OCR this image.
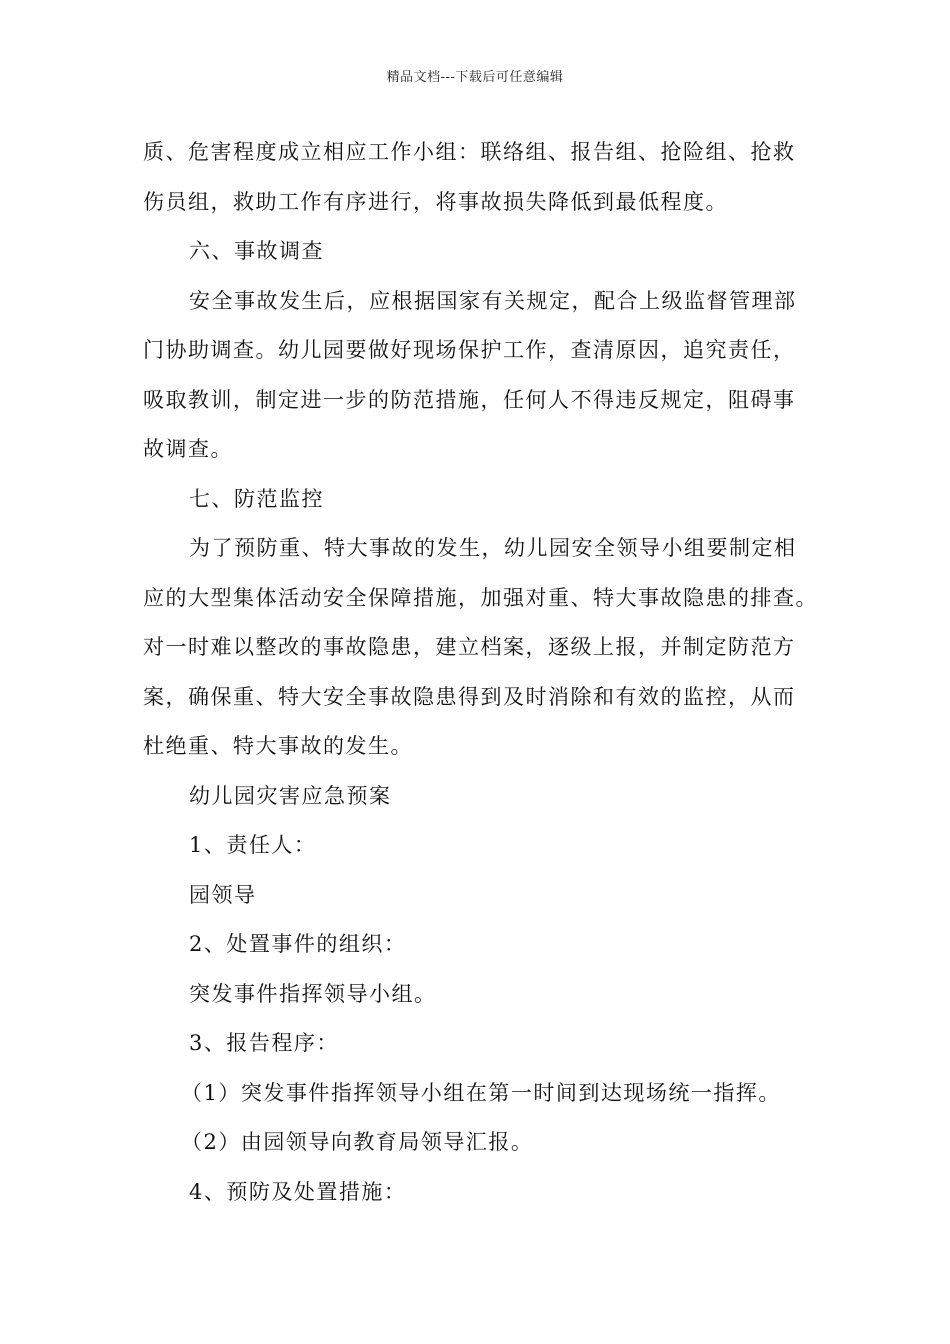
精品文档---下载后可任意编辑
质、危害程度成立相应工作小组：联络组、报告组、抢险组、抢救
伤员组，救助工作有序进行，将事故损失降低到最低程度。
六、事故调查
安全事故发生后，应根据国家有关规定，配合上级监督管理部
门协助调查。幼儿园要做好现场保护工作，查清原因，追究责任，
吸取教训，制定进一步的防范措施，任何人不得违反规定，阻碍事
故调查。
七、防范监控
为了预防重、特大事故的发生，幼儿园安全领导小组要制定相
应的大型集体活动安全保障措施，加强对重、特大事故隐患的排查。
对一时难以整改的事故隐患，建立档案，逐级上报，并制定防范方
案，确保重、特大安全事故隐患得到及时消除和有效的监控，从而
杜绝重、特大事故的发生。
幼儿园灾害应急预案
1、责任人：
园领导
2、处置事件的组织：
突发事件指挥领导小组。
3、报告程序：
（1）突发事件指挥领导小组在第一时间到达现场统一指挥。
（2）由园领导向教育局领导汇报。
4、预防及处置措施：
